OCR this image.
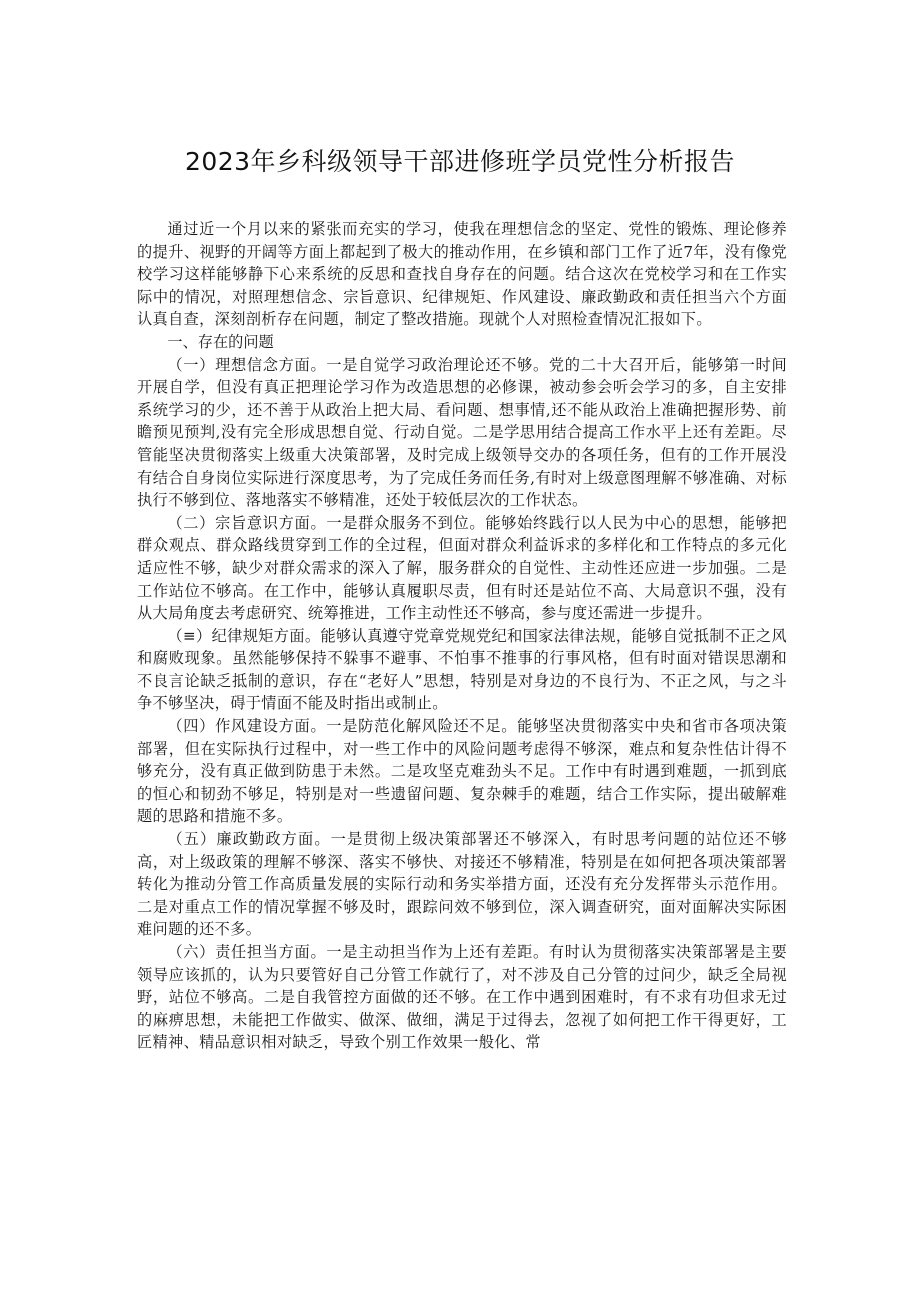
2023年乡科级领导干部进修班学员党性分析报告

通过近一个月以来的紧张而充实的学习，使我在理想信念的坚定、党性的锻炼、理论修养的提升、视野的开阔等方面上都起到了极大的推动作用，在乡镇和部门工作了近7年，没有像党校学习这样能够静下心来系统的反思和查找自身存在的问题。结合这次在党校学习和在工作实际中的情况，对照理想信念、宗旨意识、纪律规矩、作风建设、廉政勤政和责任担当六个方面认真自查，深刻剖析存在问题，制定了整改措施。现就个人对照检查情况汇报如下。

一、存在的问题

（一）理想信念方面。一是自觉学习政治理论还不够。党的二十大召开后，能够第一时间开展自学，但没有真正把理论学习作为改造思想的必修课，被动参会听会学习的多，自主安排系统学习的少，还不善于从政治上把大局、看问题、想事情,还不能从政治上准确把握形势、前瞻预见预判,没有完全形成思想自觉、行动自觉。二是学思用结合提高工作水平上还有差距。尽管能坚决贯彻落实上级重大决策部署，及时完成上级领导交办的各项任务，但有的工作开展没有结合自身岗位实际进行深度思考，为了完成任务而任务,有时对上级意图理解不够准确、对标执行不够到位、落地落实不够精准，还处于较低层次的工作状态。

（二）宗旨意识方面。一是群众服务不到位。能够始终践行以人民为中心的思想，能够把群众观点、群众路线贯穿到工作的全过程，但面对群众利益诉求的多样化和工作特点的多元化适应性不够，缺少对群众需求的深入了解，服务群众的自觉性、主动性还应进一步加强。二是工作站位不够高。在工作中，能够认真履职尽责，但有时还是站位不高、大局意识不强，没有从大局角度去考虑研究、统筹推进，工作主动性还不够高，参与度还需进一步提升。

（≡）纪律规矩方面。能够认真遵守党章党规党纪和国家法律法规，能够自觉抵制不正之风和腐败现象。虽然能够保持不躲事不避事、不怕事不推事的行事风格，但有时面对错误思潮和不良言论缺乏抵制的意识，存在“老好人”思想，特别是对身边的不良行为、不正之风，与之斗争不够坚决，碍于情面不能及时指出或制止。

（四）作风建设方面。一是防范化解风险还不足。能够坚决贯彻落实中央和省市各项决策部署，但在实际执行过程中，对一些工作中的风险问题考虑得不够深，难点和复杂性估计得不够充分，没有真正做到防患于未然。二是攻坚克难劲头不足。工作中有时遇到难题，一抓到底的恒心和韧劲不够足，特别是对一些遗留问题、复杂棘手的难题，结合工作实际，提出破解难题的思路和措施不多。

（五）廉政勤政方面。一是贯彻上级决策部署还不够深入，有时思考问题的站位还不够高，对上级政策的理解不够深、落实不够快、对接还不够精准，特别是在如何把各项决策部署转化为推动分管工作高质量发展的实际行动和务实举措方面，还没有充分发挥带头示范作用。二是对重点工作的情况掌握不够及时，跟踪问效不够到位，深入调查研究，面对面解决实际困难问题的还不多。

（六）责任担当方面。一是主动担当作为上还有差距。有时认为贯彻落实决策部署是主要领导应该抓的，认为只要管好自己分管工作就行了，对不涉及自己分管的过问少，缺乏全局视野，站位不够高。二是自我管控方面做的还不够。在工作中遇到困难时，有不求有功但求无过的麻痹思想，未能把工作做实、做深、做细，满足于过得去，忽视了如何把工作干得更好，工匠精神、精品意识相对缺乏，导致个别工作效果一般化、常
